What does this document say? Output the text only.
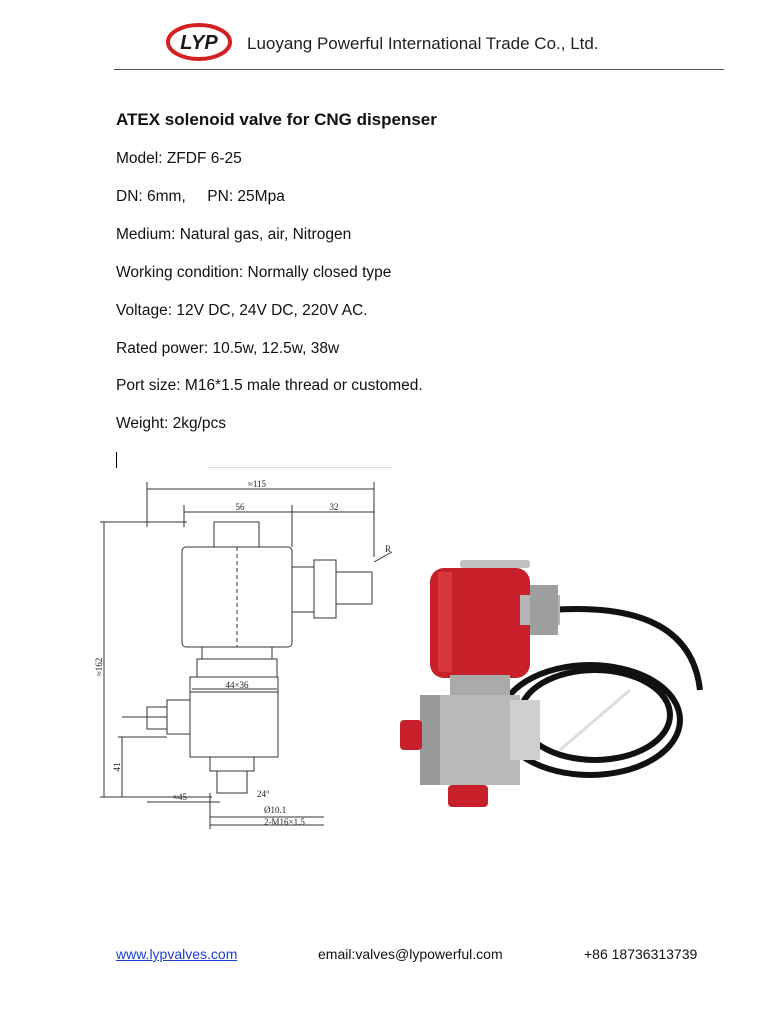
LYP Luoyang Powerful International Trade Co., Ltd.
ATEX solenoid valve for CNG dispenser
Model: ZFDF 6-25
DN: 6mm,     PN: 25Mpa
Medium: Natural gas, air, Nitrogen
Working condition: Normally closed type
Voltage: 12V DC, 24V DC, 220V AC.
Rated power: 10.5w, 12.5w, 38w
Port size: M16*1.5 male thread or customed.
Weight: 2kg/pcs
≈115
56	32
R
≈162
44×36
41
≈45	24°
Ø10.1
2-M16×1.5
www.lypvalves.com	email:valves@lypowerful.com	+86 18736313739
